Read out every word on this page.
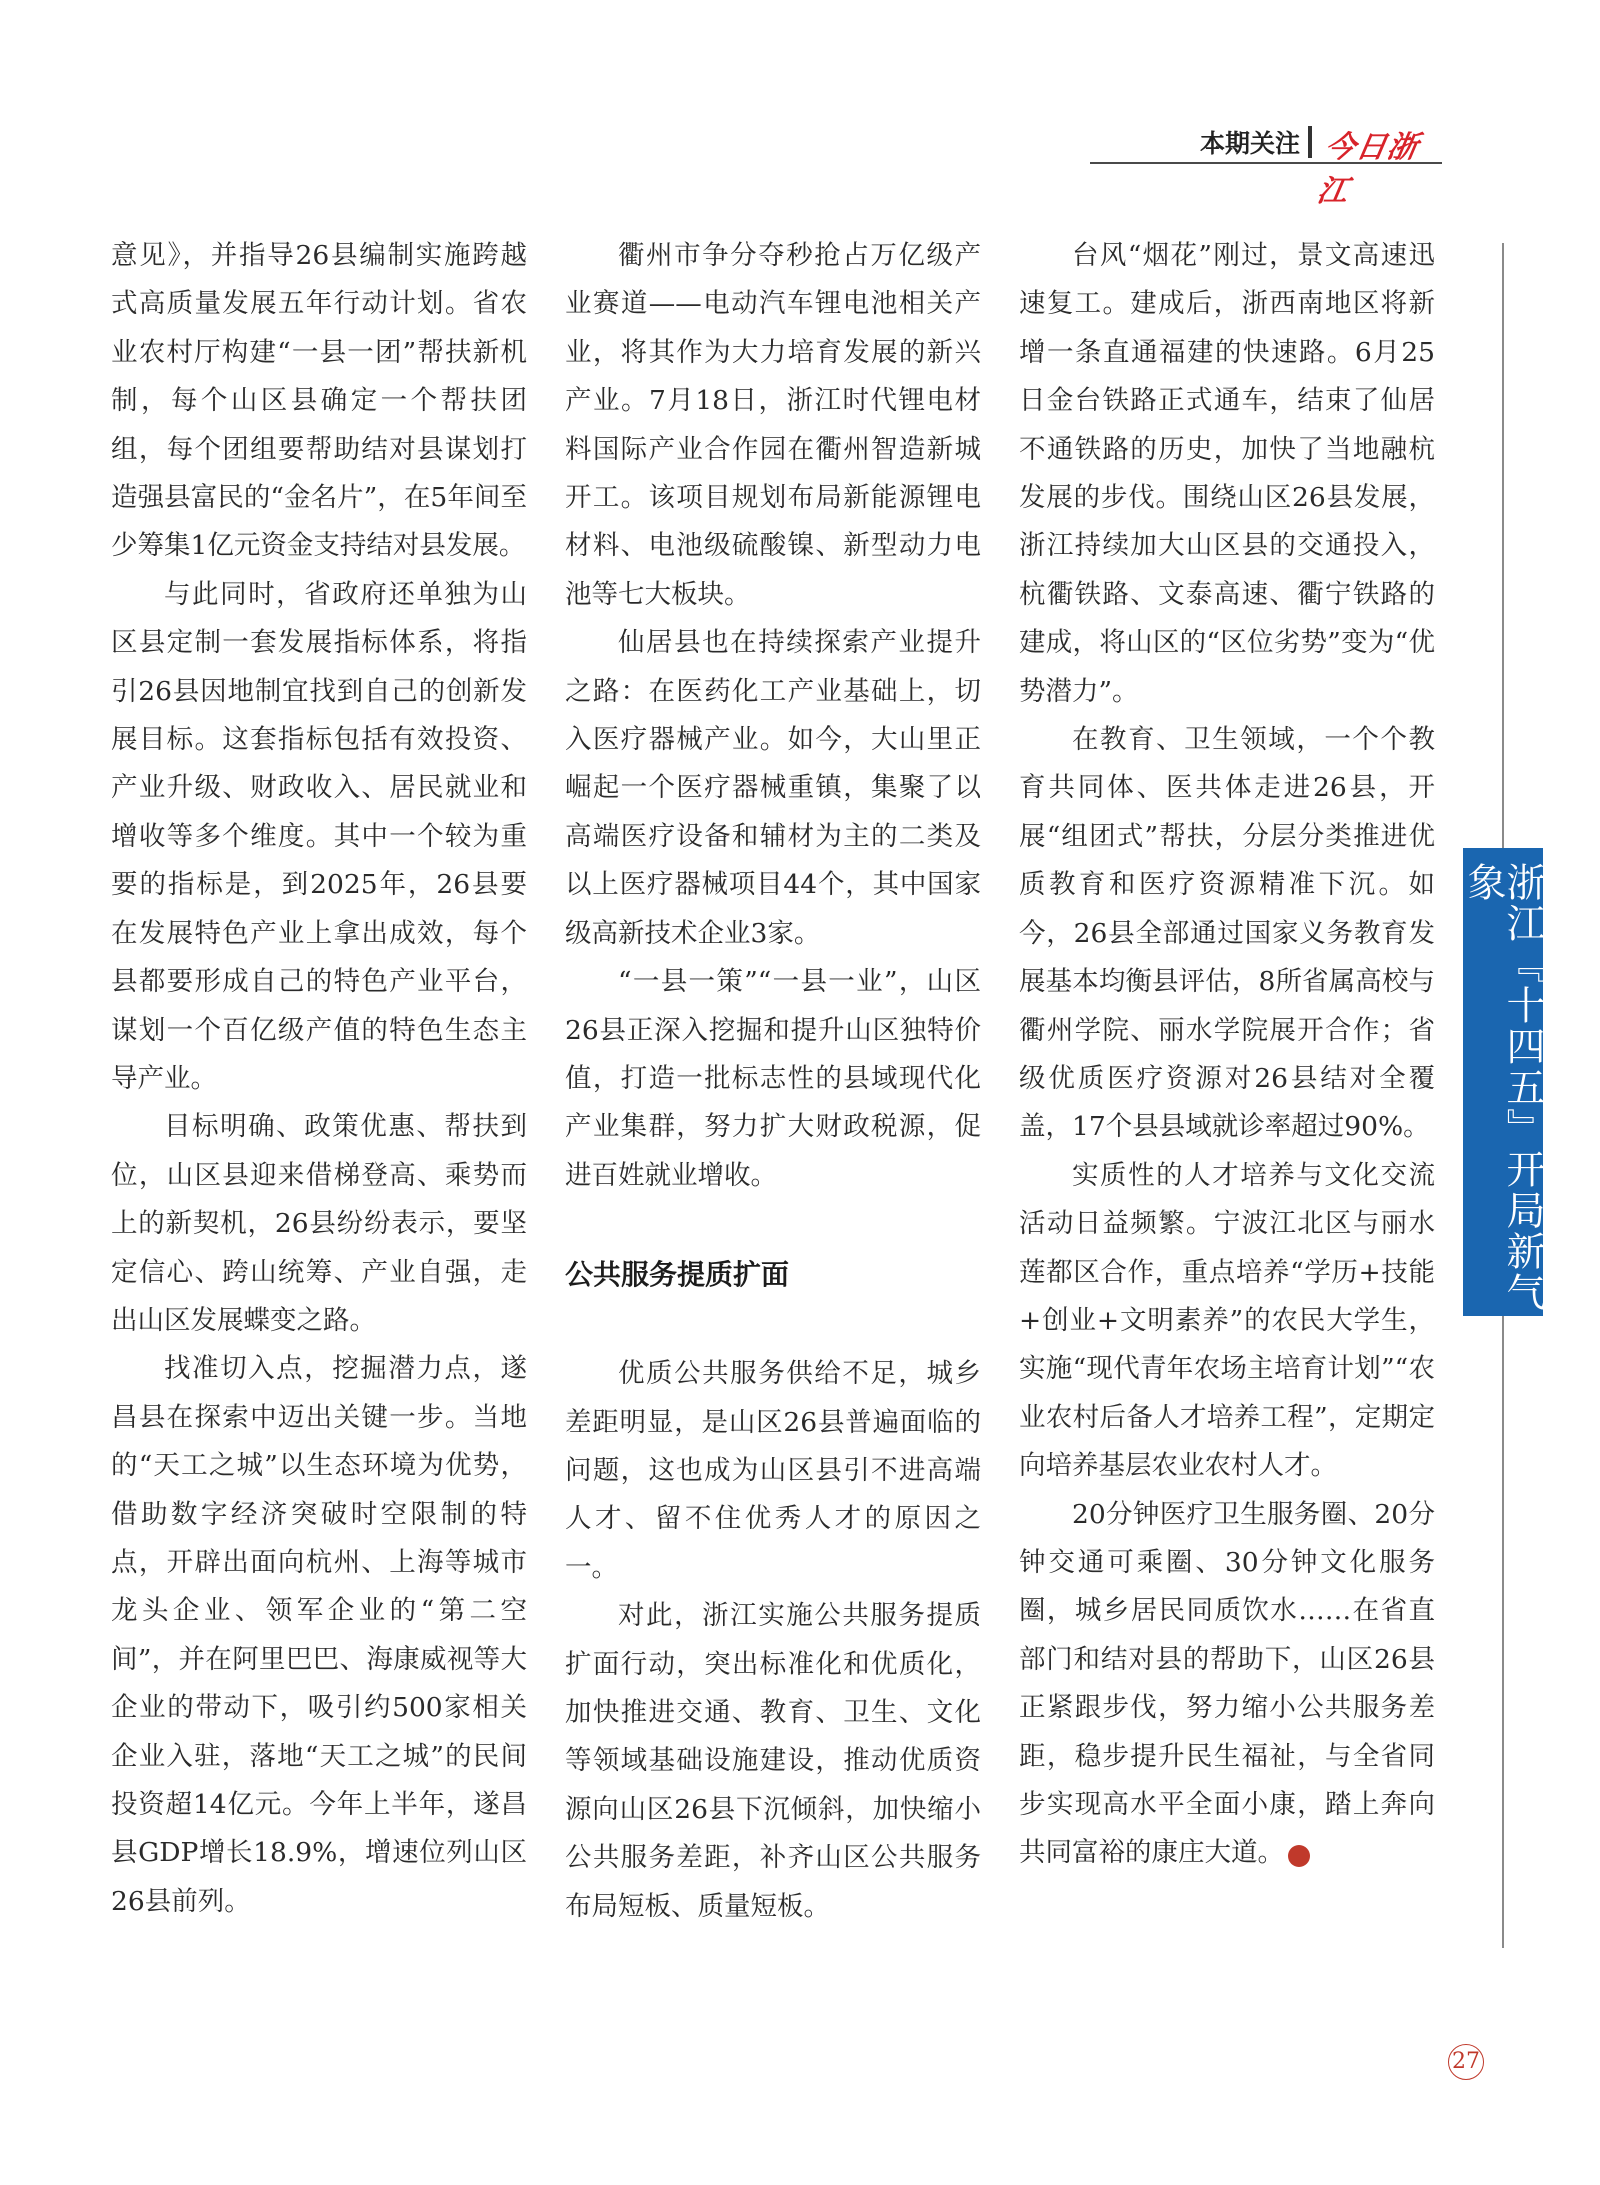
本期关注 今日浙江

意见》，并指导26县编制实施跨越式高质量发展五年行动计划。省农业农村厅构建“一县一团”帮扶新机制，每个山区县确定一个帮扶团组，每个团组要帮助结对县谋划打造强县富民的“金名片”，在5年间至少筹集1亿元资金支持结对县发展。

与此同时，省政府还单独为山区县定制一套发展指标体系，将指引26县因地制宜找到自己的创新发展目标。这套指标包括有效投资、产业升级、财政收入、居民就业和增收等多个维度。其中一个较为重要的指标是，到2025年，26县要在发展特色产业上拿出成效，每个县都要形成自己的特色产业平台，谋划一个百亿级产值的特色生态主导产业。

目标明确、政策优惠、帮扶到位，山区县迎来借梯登高、乘势而上的新契机，26县纷纷表示，要坚定信心、跨山统筹、产业自强，走出山区发展蝶变之路。

找准切入点，挖掘潜力点，遂昌县在探索中迈出关键一步。当地的“天工之城”以生态环境为优势，借助数字经济突破时空限制的特点，开辟出面向杭州、上海等城市龙头企业、领军企业的“第二空间”，并在阿里巴巴、海康威视等大企业的带动下，吸引约500家相关企业入驻，落地“天工之城”的民间投资超14亿元。今年上半年，遂昌县GDP增长18.9%，增速位列山区26县前列。

衢州市争分夺秒抢占万亿级产业赛道——电动汽车锂电池相关产业，将其作为大力培育发展的新兴产业。7月18日，浙江时代锂电材料国际产业合作园在衢州智造新城开工。该项目规划布局新能源锂电材料、电池级硫酸镍、新型动力电池等七大板块。

仙居县也在持续探索产业提升之路：在医药化工产业基础上，切入医疗器械产业。如今，大山里正崛起一个医疗器械重镇，集聚了以高端医疗设备和辅材为主的二类及以上医疗器械项目44个，其中国家级高新技术企业3家。

“一县一策”“一县一业”，山区26县正深入挖掘和提升山区独特价值，打造一批标志性的县域现代化产业集群，努力扩大财政税源，促进百姓就业增收。

公共服务提质扩面

优质公共服务供给不足，城乡差距明显，是山区26县普遍面临的问题，这也成为山区县引不进高端人才、留不住优秀人才的原因之一。

对此，浙江实施公共服务提质扩面行动，突出标准化和优质化，加快推进交通、教育、卫生、文化等领域基础设施建设，推动优质资源向山区26县下沉倾斜，加快缩小公共服务差距，补齐山区公共服务布局短板、质量短板。

台风“烟花”刚过，景文高速迅速复工。建成后，浙西南地区将新增一条直通福建的快速路。6月25日金台铁路正式通车，结束了仙居不通铁路的历史，加快了当地融杭发展的步伐。围绕山区26县发展，浙江持续加大山区县的交通投入，杭衢铁路、文泰高速、衢宁铁路的建成，将山区的“区位劣势”变为“优势潜力”。

在教育、卫生领域，一个个教育共同体、医共体走进26县，开展“组团式”帮扶，分层分类推进优质教育和医疗资源精准下沉。如今，26县全部通过国家义务教育发展基本均衡县评估，8所省属高校与衢州学院、丽水学院展开合作；省级优质医疗资源对26县结对全覆盖，17个县县域就诊率超过90%。

实质性的人才培养与文化交流活动日益频繁。宁波江北区与丽水莲都区合作，重点培养“学历+技能+创业+文明素养”的农民大学生，实施“现代青年农场主培育计划”“农业农村后备人才培养工程”，定期定向培养基层农业农村人才。

20分钟医疗卫生服务圈、20分钟交通可乘圈、30分钟文化服务圈，城乡居民同质饮水……在省直部门和结对县的帮助下，山区26县正紧跟步伐，努力缩小公共服务差距，稳步提升民生福祉，与全省同步实现高水平全面小康，踏上奔向共同富裕的康庄大道。	今

浙江『十四五』开局新气象
27
